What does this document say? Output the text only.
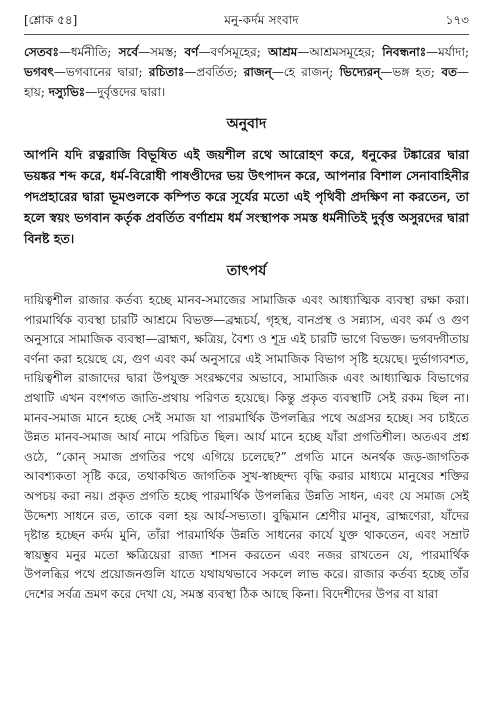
[শ্লোক ৫৪]	মনু-কর্দম সংবাদ	১৭৩

সেতবঃ—ধর্মনীতি; সর্বে—সমস্ত; বর্ণ—বর্ণসমূহের; আশ্রম—আশ্রমসমূহের; নিবন্ধনাঃ—মর্যাদা; ভগবৎ—ভগবানের দ্বারা; রচিতাঃ—প্রবর্তিত; রাজন্—হে রাজন্; ভিদ্যেরন্—ভঙ্গ হত; বত—হায়; দস্যুভিঃ—দুর্বৃত্তদের দ্বারা।

অনুবাদ

আপনি যদি রত্নরাজি বিভূষিত এই জয়শীল রথে আরোহণ করে, ধনুকের টঙ্কারের দ্বারা ভয়ঙ্কর শব্দ করে, ধর্ম-বিরোধী পাষণ্ডীদের ভয় উৎপাদন করে, আপনার বিশাল সেনাবাহিনীর পদপ্রহারের দ্বারা ভূমণ্ডলকে কম্পিত করে সূর্যের মতো এই পৃথিবী প্রদক্ষিণ না করতেন, তা হলে স্বয়ং ভগবান কর্তৃক প্রবর্তিত বর্ণাশ্রম ধর্ম সংস্থাপক সমস্ত ধর্মনীতিই দুর্বৃত্ত অসুরদের দ্বারা বিনষ্ট হত।

তাৎপর্য

দায়িত্বশীল রাজার কর্তব্য হচ্ছে মানব-সমাজের সামাজিক এবং আধ্যাত্মিক ব্যবস্থা রক্ষা করা। পারমার্থিক ব্যবস্থা চারটি আশ্রমে বিভক্ত—ব্রহ্মচর্য, গৃহস্থ, বানপ্রস্থ ও সন্ন্যাস, এবং কর্ম ও গুণ অনুসারে সামাজিক ব্যবস্থা—ব্রাহ্মণ, ক্ষত্রিয়, বৈশ্য ও শূদ্র এই চারটি ভাগে বিভক্ত। ভগবদ্গীতায় বর্ণনা করা হয়েছে যে, গুণ এবং কর্ম অনুসারে এই সামাজিক বিভাগ সৃষ্টি হয়েছে। দুর্ভাগ্যবশত, দায়িত্বশীল রাজাদের দ্বারা উপযুক্ত সংরক্ষণের অভাবে, সামাজিক এবং আধ্যাত্মিক বিভাগের প্রথাটি এখন বংশগত জাতি-প্রথায় পরিণত হয়েছে। কিন্তু প্রকৃত ব্যবস্থাটি সেই রকম ছিল না। মানব-সমাজ মানে হচ্ছে সেই সমাজ যা পারমার্থিক উপলব্ধির পথে অগ্রসর হচ্ছে। সব চাইতে উন্নত মানব-সমাজ আর্য নামে পরিচিত ছিল। আর্য মানে হচ্ছে যাঁরা প্রগতিশীল। অতএব প্রশ্ন ওঠে, “কোন্ সমাজ প্রগতির পথে এগিয়ে চলেছে?” প্রগতি মানে অনর্থক জড়-জাগতিক আবশ্যকতা সৃষ্টি করে, তথাকথিত জাগতিক সুখ-স্বাচ্ছন্দ্য বৃদ্ধি করার মাধ্যমে মানুষের শক্তির অপচয় করা নয়। প্রকৃত প্রগতি হচ্ছে পারমার্থিক উপলব্ধির উন্নতি সাধন, এবং যে সমাজ সেই উদ্দেশ্য সাধনে রত, তাকে বলা হয় আর্য-সভ্যতা। বুদ্ধিমান শ্রেণীর মানুষ, ব্রাহ্মণেরা, যাঁদের দৃষ্টান্ত হচ্ছেন কর্দম মুনি, তাঁরা পারমার্থিক উন্নতি সাধনের কার্যে যুক্ত থাকতেন, এবং সম্রাট স্বায়ম্ভুব মনুর মতো ক্ষত্রিয়েরা রাজ্য শাসন করতেন এবং নজর রাখতেন যে, পারমার্থিক উপলব্ধির পথে প্রয়োজনগুলি যাতে যথাযথভাবে সকলে লাভ করে। রাজার কর্তব্য হচ্ছে তাঁর দেশের সর্বত্র ভ্রমণ করে দেখা যে, সমস্ত ব্যবস্থা ঠিক আছে কিনা। বিদেশীদের উপর বা যারা
